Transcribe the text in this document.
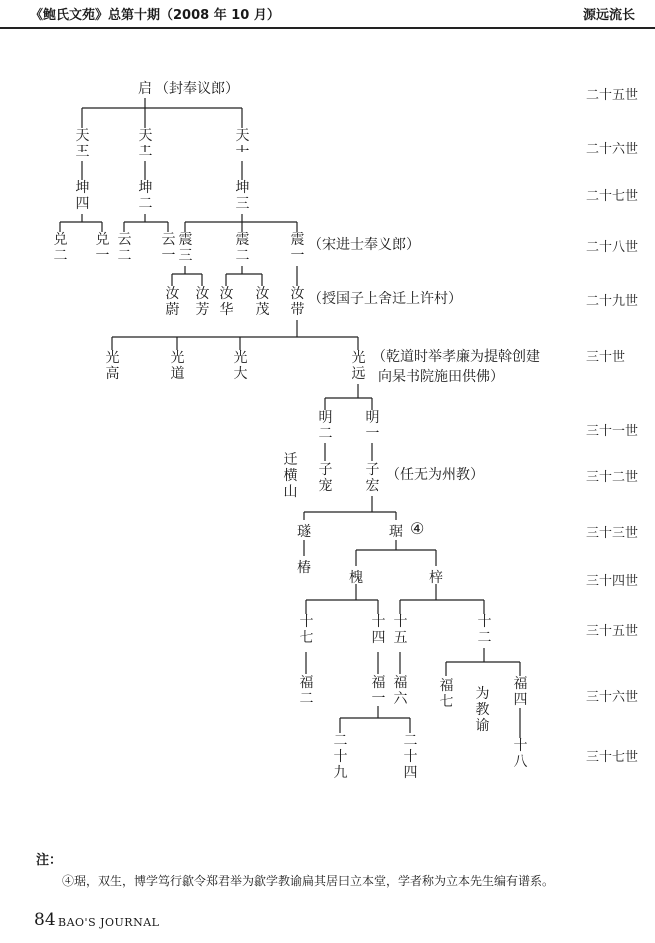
《鲍氏文苑》总第十期（2008 年 10 月）	源远流长
二十五世
二十六世
二十七世
二十八世
二十九世
三十世
三十一世
三十二世
三十三世
三十四世
三十五世
三十六世
三十七世
启 （封奉议郎）
天三
天二
天一
坤四
坤二
坤三
兑二
兑一
云二
云一
震三
震二
震一
（宋进士奉义郎）
汝蔚
汝芳
汝华
汝茂
汝带
（授国子上舍迁上许村）
光高
光道
光大
光远
（乾道时举孝廉为提斡创建
向杲书院施田供佛）
明二
明一
迁横山
子宠
子宏
（任无为州教）
璲	琚 ④
椿
槐	梓
十七
十四
十五
十二
福二
福一
福六
福七 为教谕
福四
二十九
二十四
十八
注：
④琚，双生，博学笃行歙令郑君举为歙学教谕扁其居曰立本堂，学者称为立本先生编有谱系。
84 BAO'S JOURNAL
